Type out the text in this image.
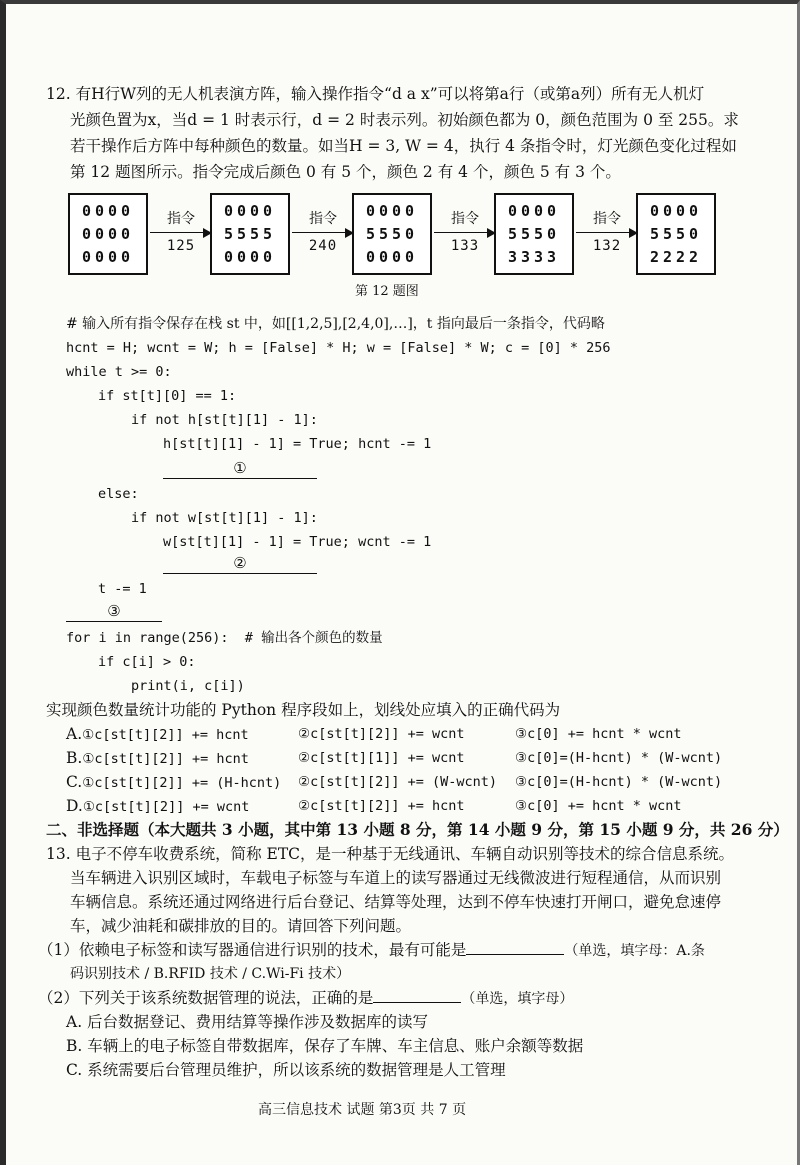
12. 有H行W列的无人机表演方阵，输入操作指令“d a x”可以将第a行（或第a列）所有无人机灯
光颜色置为x，当d = 1 时表示行，d = 2 时表示列。初始颜色都为 0，颜色范围为 0 至 255。求
若干操作后方阵中每种颜色的数量。如当H = 3, W = 4，执行 4 条指令时，灯光颜色变化过程如
第 12 题图所示。指令完成后颜色 0 有 5 个，颜色 2 有 4 个，颜色 5 有 3 个。
0000
0000
0000
指令
125
0000
5555
0000
指令
240
0000
5550
0000
指令
133
0000
5550
3333
指令
132
0000
5550
2222
第 12 题图
# 输入所有指令保存在栈 st 中，如[[1,2,5],[2,4,0],…]，t 指向最后一条指令，代码略
hcnt = H; wcnt = W; h = [False] * H; w = [False] * W; c = [0] * 256
while t >= 0:
if st[t][0] == 1:
if not h[st[t][1] - 1]:
h[st[t][1] - 1] = True; hcnt -= 1
①
else:
if not w[st[t][1] - 1]:
w[st[t][1] - 1] = True; wcnt -= 1
②
t -= 1
③
for i in range(256):  # 输出各个颜色的数量
if c[i] > 0:
print(i, c[i])
实现颜色数量统计功能的 Python 程序段如上，划线处应填入的正确代码为
A.①c[st[t][2]] += hcnt	②c[st[t][2]] += wcnt	③c[0] += hcnt * wcnt
B.①c[st[t][2]] += hcnt	②c[st[t][1]] += wcnt	③c[0]=(H-hcnt) * (W-wcnt)
C.①c[st[t][2]] += (H-hcnt) ②c[st[t][2]] += (W-wcnt) ③c[0]=(H-hcnt) * (W-wcnt)
D.①c[st[t][2]] += wcnt	②c[st[t][2]] += hcnt	③c[0] += hcnt * wcnt
二、非选择题（本大题共 3 小题，其中第 13 小题 8 分，第 14 小题 9 分，第 15 小题 9 分，共 26 分）
13. 电子不停车收费系统，简称 ETC，是一种基于无线通讯、车辆自动识别等技术的综合信息系统。
当车辆进入识别区域时，车载电子标签与车道上的读写器通过无线微波进行短程通信，从而识别
车辆信息。系统还通过网络进行后台登记、结算等处理，达到不停车快速打开闸口，避免怠速停
车，减少油耗和碳排放的目的。请回答下列问题。
（1）依赖电子标签和读写器通信进行识别的技术，最有可能是	（单选，填字母：A.条
码识别技术 / B.RFID 技术 / C.Wi-Fi 技术）
（2）下列关于该系统数据管理的说法，正确的是	（单选，填字母）
A. 后台数据登记、费用结算等操作涉及数据库的读写
B. 车辆上的电子标签自带数据库，保存了车牌、车主信息、账户余额等数据
C. 系统需要后台管理员维护，所以该系统的数据管理是人工管理
高三信息技术 试题 第3页 共 7 页
